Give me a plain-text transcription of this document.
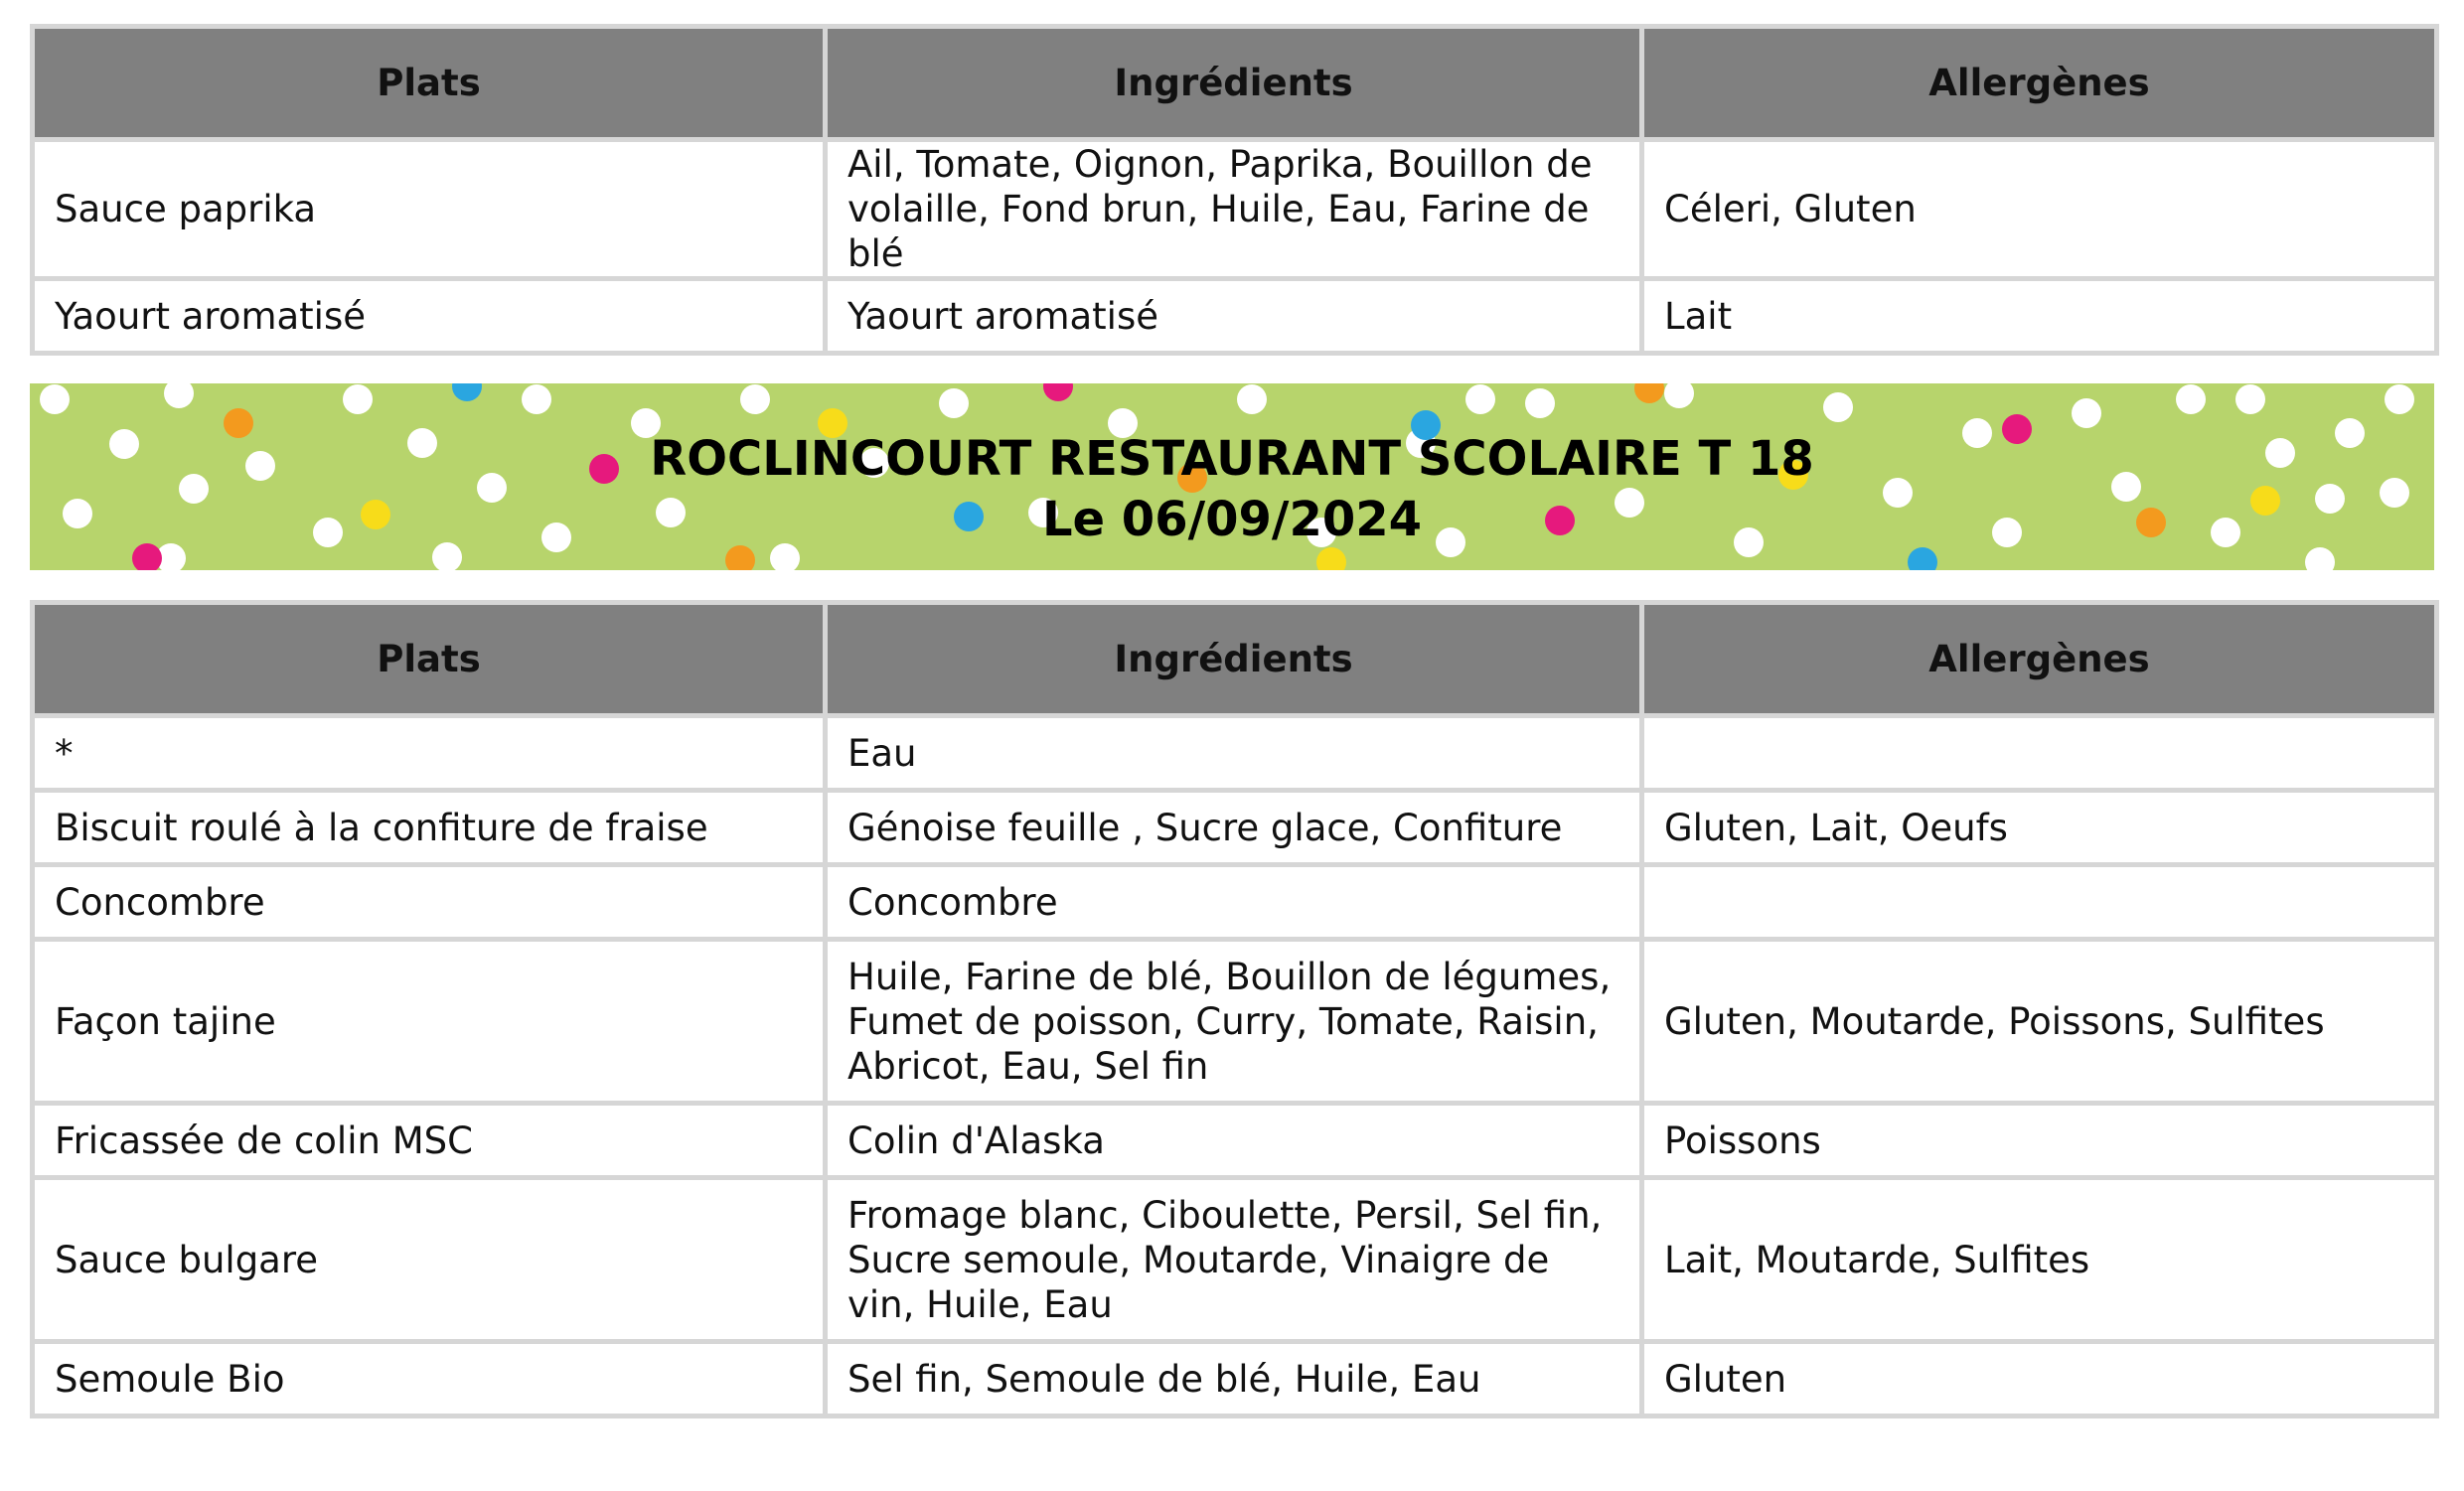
Plats	Ingrédients	Allergènes
Sauce paprika	Ail, Tomate, Oignon, Paprika, Bouillon de volaille, Fond brun, Huile, Eau, Farine de blé	Céleri, Gluten
Yaourt aromatisé	Yaourt aromatisé	Lait
ROCLINCOURT RESTAURANT SCOLAIRE T 18
Le 06/09/2024
Plats	Ingrédients	Allergènes
*	Eau	
Biscuit roulé à la confiture de fraise	Génoise feuille , Sucre glace, Confiture	Gluten, Lait, Oeufs
Concombre	Concombre	
Façon tajine	Huile, Farine de blé, Bouillon de légumes, Fumet de poisson, Curry, Tomate, Raisin, Abricot, Eau, Sel fin	Gluten, Moutarde, Poissons, Sulfites
Fricassée de colin MSC	Colin d'Alaska	Poissons
Sauce bulgare	Fromage blanc, Ciboulette, Persil, Sel fin, Sucre semoule, Moutarde, Vinaigre de vin, Huile, Eau	Lait, Moutarde, Sulfites
Semoule Bio	Sel fin, Semoule de blé, Huile, Eau	Gluten
